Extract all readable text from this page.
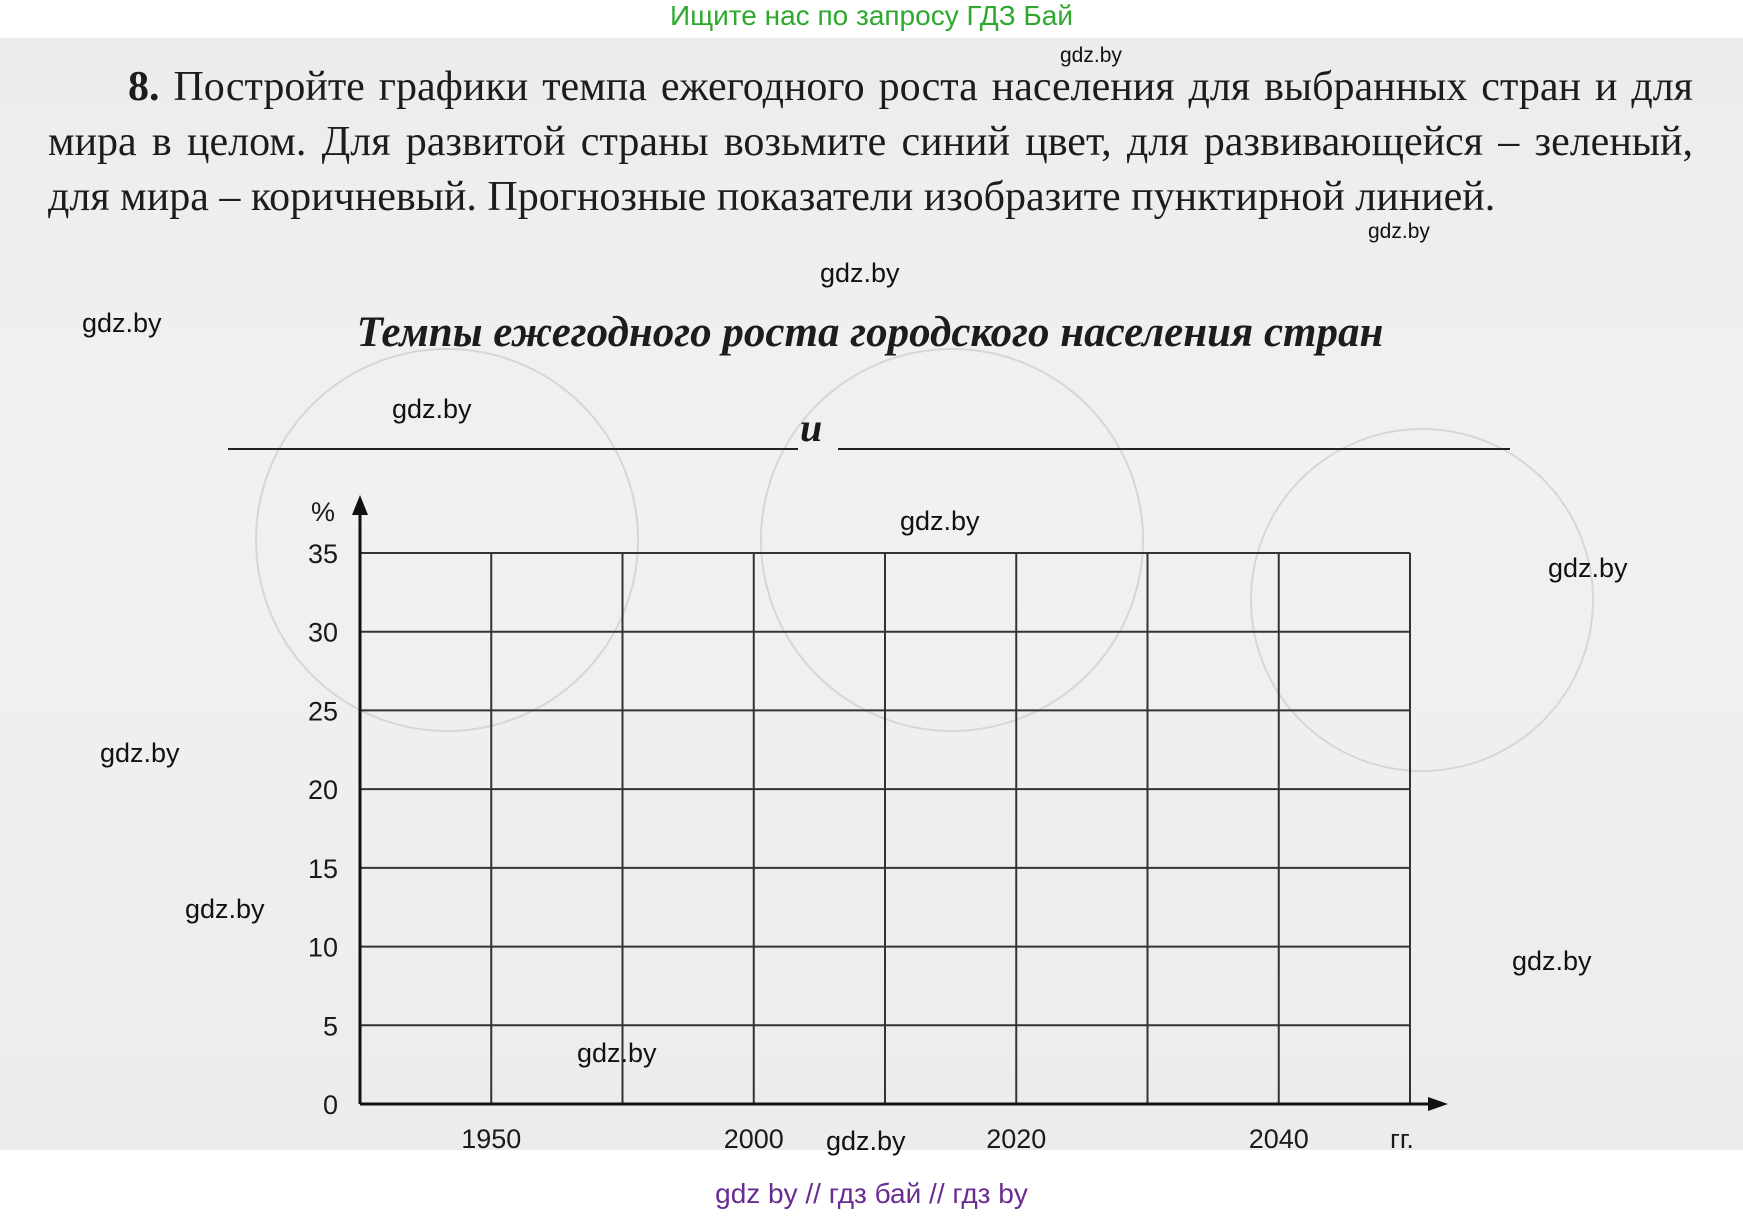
Ищите нас по запросу ГДЗ Бай
8. Постройте графики темпа ежегодного роста населения для выбранных стран и для мира в целом. Для развитой страны возьмите синий цвет, для развивающейся – зеленый, для мира – коричневый. Прогнозные показатели изобразите пунктирной линией.
Темпы ежегодного роста городского населения стран
и
0
5
10
15
20
25
30
35
%
1950	2000	2020	2040	гг.
gdz.by
gdz.by
gdz.by
gdz.by
gdz.by
gdz.by
gdz.by
gdz.by
gdz.by
gdz.by
gdz.by
gdz.by
gdz by // гдз бай // гдз by
